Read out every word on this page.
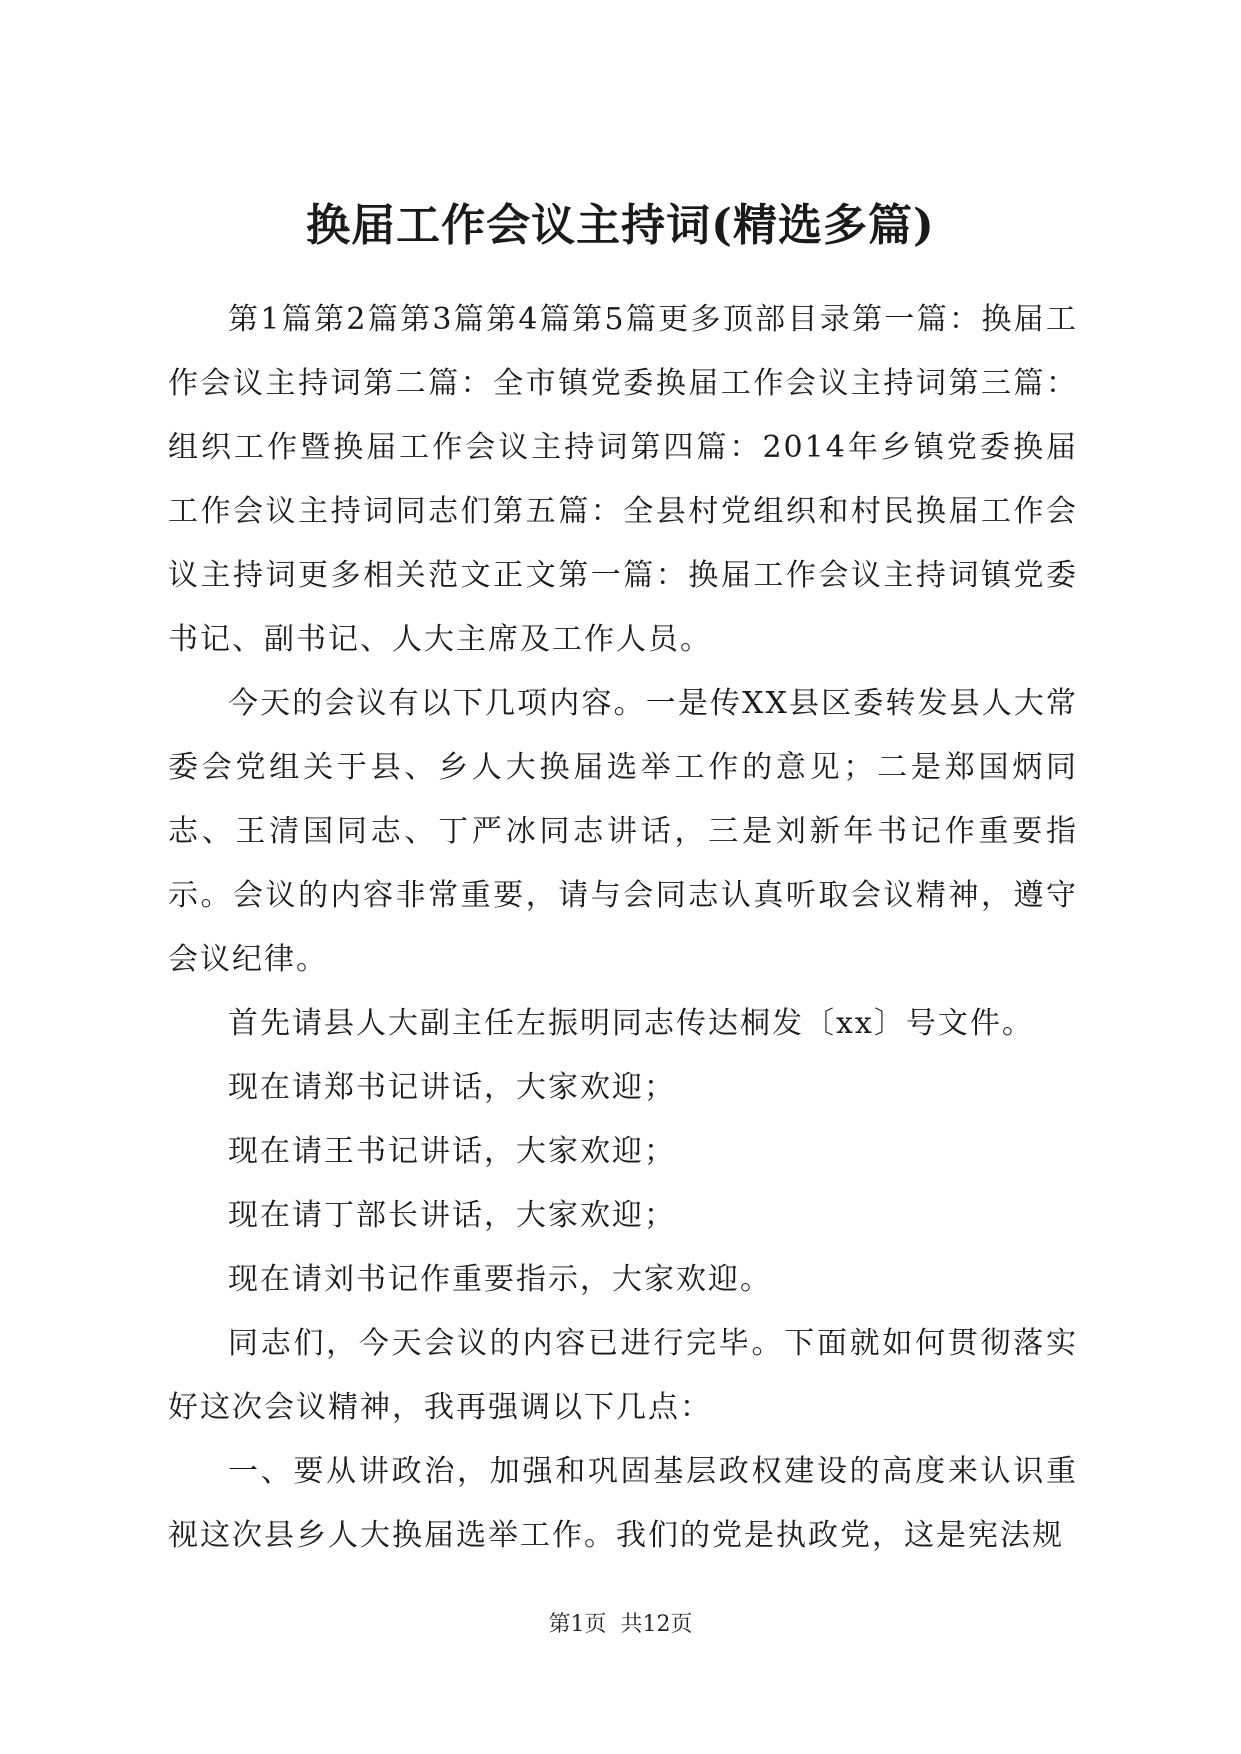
换届工作会议主持词(精选多篇)

第1篇第2篇第3篇第4篇第5篇更多顶部目录第一篇：换届工作会议主持词第二篇：全市镇党委换届工作会议主持词第三篇：组织工作暨换届工作会议主持词第四篇：2014年乡镇党委换届工作会议主持词同志们第五篇：全县村党组织和村民换届工作会议主持词更多相关范文正文第一篇：换届工作会议主持词镇党委书记、副书记、人大主席及工作人员。

今天的会议有以下几项内容。一是传XX县区委转发县人大常委会党组关于县、乡人大换届选举工作的意见；二是郑国炳同志、王清国同志、丁严冰同志讲话，三是刘新年书记作重要指示。会议的内容非常重要，请与会同志认真听取会议精神，遵守会议纪律。

首先请县人大副主任左振明同志传达桐发〔xx〕号文件。

现在请郑书记讲话，大家欢迎；

现在请王书记讲话，大家欢迎；

现在请丁部长讲话，大家欢迎；

现在请刘书记作重要指示，大家欢迎。

同志们，今天会议的内容已进行完毕。下面就如何贯彻落实好这次会议精神，我再强调以下几点：

一、要从讲政治，加强和巩固基层政权建设的高度来认识重视这次县乡人大换届选举工作。我们的党是执政党，这是宪法规

第1页 共12页
